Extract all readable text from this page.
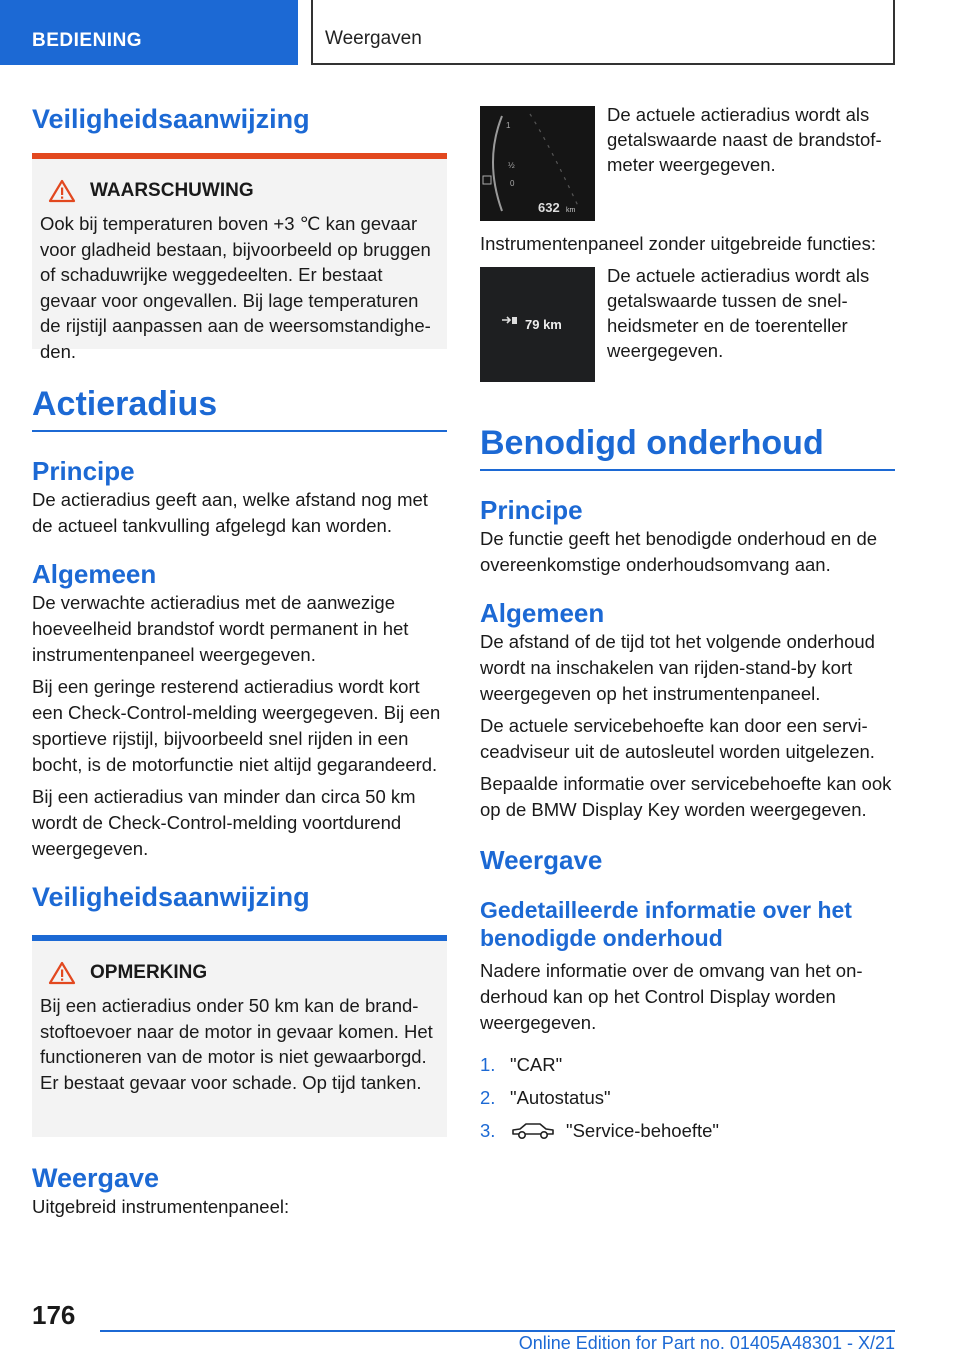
BEDIENING	Weergaven
Veiligheidsaanwijzing
WAARSCHUWING

Ook bij temperaturen boven +3 ℃ kan gevaar voor gladheid bestaan, bijvoorbeeld op bruggen of schaduwrijke weggedeelten. Er bestaat gevaar voor ongevallen. Bij lage temperaturen de rijstijl aanpassen aan de weersomstandigheden.

Actieradius
Principe

De actieradius geeft aan, welke afstand nog met de actueel tankvulling afgelegd kan worden.

Algemeen

De verwachte actieradius met de aanwezige hoeveelheid brandstof wordt permanent in het instrumentenpaneel weergegeven.

Bij een geringe resterend actieradius wordt kort een Check-Control-melding weergegeven. Bij een sportieve rijstijl, bijvoorbeeld snel rijden in een bocht, is de motorfunctie niet altijd gegarandeerd.

Bij een actieradius van minder dan circa 50 km wordt de Check-Control-melding voortdurend weergegeven.

Veiligheidsaanwijzing
OPMERKING

Bij een actieradius onder 50 km kan de brandstoftoevoer naar de motor in gevaar komen. Het functioneren van de motor is niet gewaarborgd. Er bestaat gevaar voor schade. Op tijd tanken.

Weergave

Uitgebreid instrumentenpaneel:

1
½
0
632 km

De actuele actieradius wordt als getalswaarde naast de brandstofmeter weergegeven.

Instrumentenpaneel zonder uitgebreide functies:

79 km

De actuele actieradius wordt als getalswaarde tussen de snelheidsmeter en de toerenteller weergegeven.

Benodigd onderhoud
Principe

De functie geeft het benodigde onderhoud en de overeenkomstige onderhoudsomvang aan.

Algemeen

De afstand of de tijd tot het volgende onderhoud wordt na inschakelen van rijden-stand-by kort weergegeven op het instrumentenpaneel.

De actuele servicebehoefte kan door een serviceadviseur uit de autosleutel worden uitgelezen.

Bepaalde informatie over servicebehoefte kan ook op de BMW Display Key worden weergegeven.

Weergave
Gedetailleerde informatie over het benodigde onderhoud

Nadere informatie over de omvang van het onderhoud kan op het Control Display worden weergegeven.

1. "CAR"
2. "Autostatus"
3.	"Service-behoefte"
176
Online Edition for Part no. 01405A48301 - X/21
